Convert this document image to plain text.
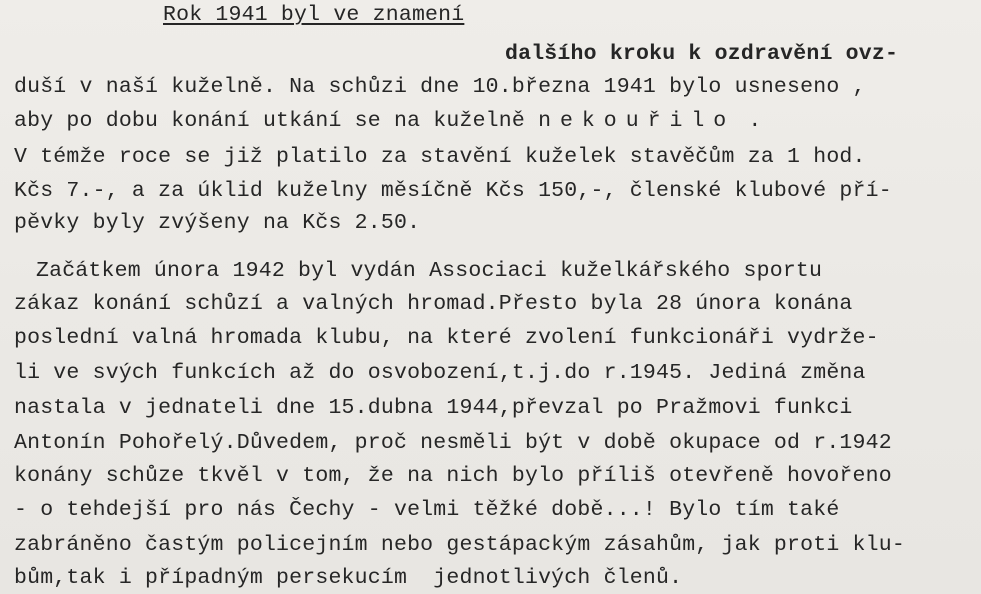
Rok 1941 byl ve znamení
dalšího kroku k ozdravění ovz-
duší v naší kuželně. Na schůzi dne 10.března 1941 bylo usneseno ,
aby po dobu konání utkání se na kuželně nekouřilo .
V témže roce se již platilo za stavění kuželek stavěčům za 1 hod.
Kčs 7.-, a za úklid kuželny měsíčně Kčs 150,-, členské klubové pří-
pěvky byly zvýšeny na Kčs 2.50.
Začátkem února 1942 byl vydán Associaci kuželkářského sportu
zákaz konání schůzí a valných hromad.Přesto byla 28 února konána
poslední valná hromada klubu, na které zvolení funkcionáři vydrže-
li ve svých funkcích až do osvobození,t.j.do r.1945. Jediná změna
nastala v jednateli dne 15.dubna 1944,převzal po Pražmovi funkci
Antonín Pohořelý.Důvedem, proč nesměli být v době okupace od r.1942
konány schůze tkvěl v tom, že na nich bylo příliš otevřeně hovořeno
- o tehdejší pro nás Čechy - velmi těžké době...! Bylo tím také
zabráněno častým policejním nebo gestápackým zásahům, jak proti klu-
bům,tak i případným persekucím  jednotlivých členů.
